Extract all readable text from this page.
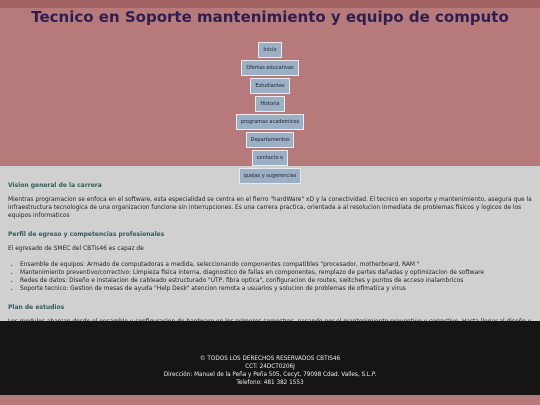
Tecnico en Soporte mantenimiento y equipo de computo
Inicio
Ofertas educativas
Estudiantes
Historia
programas academicos
Departamentos
contacto e
quejas y sugerencias
Vision general de la carrera

Mientras programacion se enfoca en el software, esta especialidad se centra en el fierro "hardWare" xD y la conectividad. El tecnico en soporte y mantenimiento, asegura que la infraestructura tecnologica de una organizacion funcione sin interrupciones. Es una carrera practica, orientada a al resolucion inmediata de problemas fisicos y logicos de los equipos informaticos

Perfil de egreso y competencias profesionales

El egresado de SMEC del CBTis46 es capaz de

• Ensamble de equipos: Armado de computadoras a medida, seleccionando componentes compatibles "procesador, motherboard, RAM "
• Mantenimiento preventivo/correctivo: Limpieza fisica interna, diagnostico de fallas en componentes, remplazo de partes dañadas y optimizacion de software
• Redes de datos: Diseño e instalacion de cableado estructurado "UTP, fibra optica", configuracion de routes, switches y puntos de acceso inalambricos
• Soporte tecnico: Gestion de mesas de ayuda "Help Desk" atencion remota a usuarios y solucion de problemas de ofimatica y virus
Plan de estudios

© TODOS LOS DERECHOS RESERVADOS CBTIS46
CCT: 24DCT0206J
Dirección: Manuel de la Peña y Peña 505, Cecyt, 79098 Cdad. Valles, S.L.P.
Telefono: 481 382 1553
